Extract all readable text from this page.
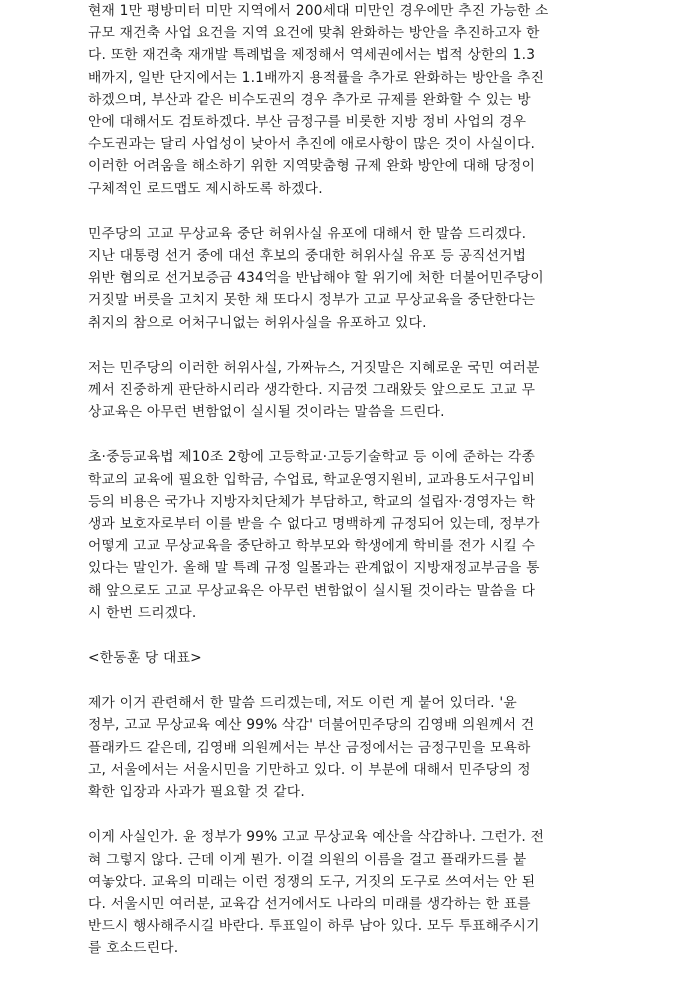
현재 1만 평방미터 미만 지역에서 200세대 미만인 경우에만 추진 가능한 소
규모 재건축 사업 요건을 지역 요건에 맞춰 완화하는 방안을 추진하고자 한
다. 또한 재건축 재개발 특례법을 제정해서 역세권에서는 법적 상한의 1.3
배까지, 일반 단지에서는 1.1배까지 용적률을 추가로 완화하는 방안을 추진
하겠으며, 부산과 같은 비수도권의 경우 추가로 규제를 완화할 수 있는 방
안에 대해서도 검토하겠다. 부산 금정구를 비롯한 지방 정비 사업의 경우
수도권과는 달리 사업성이 낮아서 추진에 애로사항이 많은 것이 사실이다.
이러한 어려움을 해소하기 위한 지역맞춤형 규제 완화 방안에 대해 당정이
구체적인 로드맵도 제시하도록 하겠다.

민주당의 고교 무상교육 중단 허위사실 유포에 대해서 한 말씀 드리겠다.
지난 대통령 선거 중에 대선 후보의 중대한 허위사실 유포 등 공직선거법
위반 혐의로 선거보증금 434억을 반납해야 할 위기에 처한 더불어민주당이
거짓말 버릇을 고치지 못한 채 또다시 정부가 고교 무상교육을 중단한다는
취지의 참으로 어처구니없는 허위사실을 유포하고 있다.

저는 민주당의 이러한 허위사실, 가짜뉴스, 거짓말은 지혜로운 국민 여러분
께서 진중하게 판단하시리라 생각한다. 지금껏 그래왔듯 앞으로도 고교 무
상교육은 아무런 변함없이 실시될 것이라는 말씀을 드린다.

초·중등교육법 제10조 2항에 고등학교·고등기술학교 등 이에 준하는 각종
학교의 교육에 필요한 입학금, 수업료, 학교운영지원비, 교과용도서구입비
등의 비용은 국가나 지방자치단체가 부담하고, 학교의 설립자·경영자는 학
생과 보호자로부터 이를 받을 수 없다고 명백하게 규정되어 있는데, 정부가
어떻게 고교 무상교육을 중단하고 학부모와 학생에게 학비를 전가 시킬 수
있다는 말인가. 올해 말 특례 규정 일몰과는 관계없이 지방재정교부금을 통
해 앞으로도 고교 무상교육은 아무런 변함없이 실시될 것이라는 말씀을 다
시 한번 드리겠다.

<한동훈 당 대표>

제가 이거 관련해서 한 말씀 드리겠는데, 저도 이런 게 붙어 있더라. '윤
정부, 고교 무상교육 예산 99% 삭감' 더불어민주당의 김영배 의원께서 건
플래카드 같은데, 김영배 의원께서는 부산 금정에서는 금정구민을 모욕하
고, 서울에서는 서울시민을 기만하고 있다. 이 부분에 대해서 민주당의 정
확한 입장과 사과가 필요할 것 같다.

이게 사실인가. 윤 정부가 99% 고교 무상교육 예산을 삭감하나. 그런가. 전
혀 그렇지 않다. 근데 이게 뭔가. 이걸 의원의 이름을 걸고 플래카드를 붙
여놓았다. 교육의 미래는 이런 정쟁의 도구, 거짓의 도구로 쓰여서는 안 된
다. 서울시민 여러분, 교육감 선거에서도 나라의 미래를 생각하는 한 표를
반드시 행사해주시길 바란다. 투표일이 하루 남아 있다. 모두 투표해주시기
를 호소드린다.
